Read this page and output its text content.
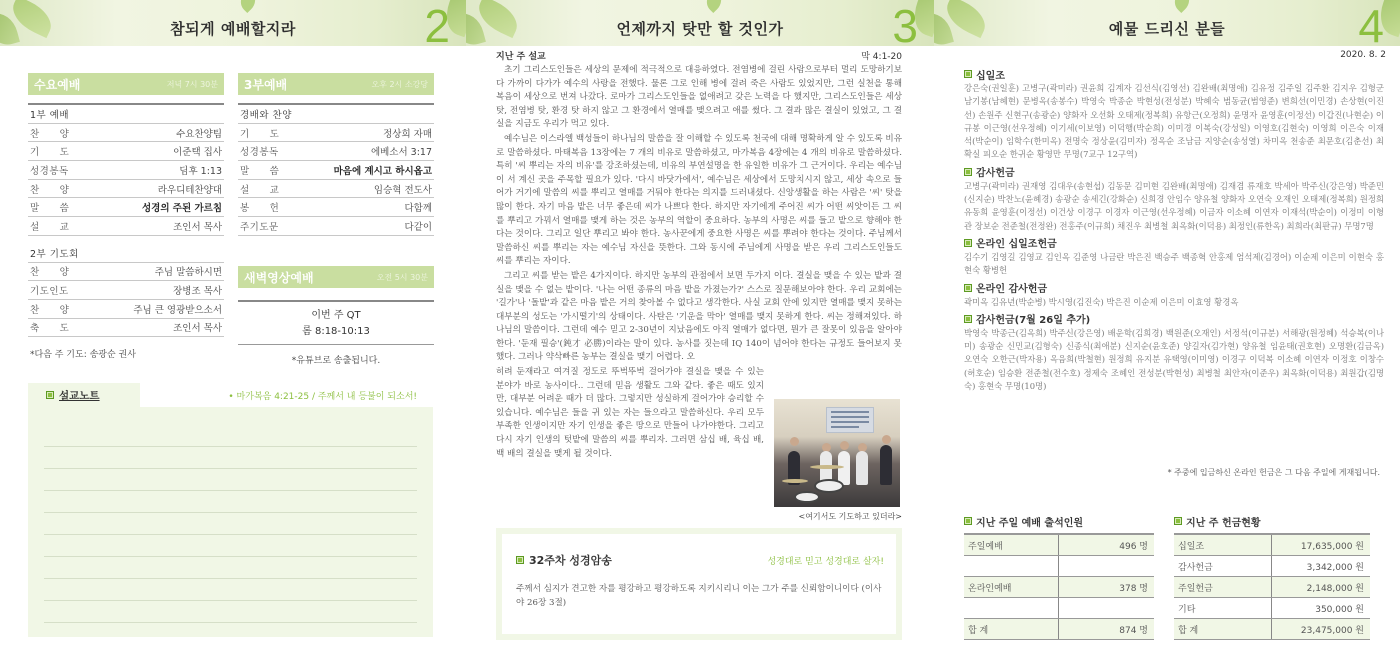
참되게 예배할지라	2
수요예배	저녁 7시 30분
1부 예배
찬　　양	수요찬양팀
기　　도	이준택 집사
성경봉독	딤후 1:13
찬　　양	라우디테찬양대
말　　씀	성경의 주된 가르침
설　　교	조인서 목사
2부 기도회
찬　　양	주님 말씀하시면
기도인도	장병조 목사
찬　　양	주님 큰 영광받으소서
축　　도	조인서 목사
*다음 주 기도: 송광순 권사
3부예배	오후 2시 소강당
경배와 찬양
기　　도	정상희 자매
성경봉독	에베소서 3:17
말　　씀	마음에 계시고 하시옵고
설　　교	임승혁 전도사
봉　　헌	다함께
주기도문	다같이
새벽영상예배	오전 5시 30분
이번 주 QT
롬 8:18-10:13
*유튜브로 송출됩니다.
설교노트	• 마가복음 4:21-25 / 주께서 내 등불이 되소서!
언제까지 탓만 할 것인가	3
지난 주 설교	막 4:1-20

초기 그리스도인들은 세상의 문제에 적극적으로 대응하였다. 전염병에 걸린 사람으로부터 멀리 도망하기보다 가까이 다가가 예수의 사랑을 전했다. 물론 그로 인해 병에 걸려 죽은 사람도 있었지만, 그런 실천을 통해 복음이 세상으로 번져 나갔다. 로마가 그리스도인들을 없애려고 갖은 노력을 다 했지만, 그리스도인들은 세상 탓, 전염병 탓, 환경 탓 하지 않고 그 환경에서 열매를 맺으려고 애를 썼다. 그 결과 많은 결실이 있었고, 그 결실을 지금도 우리가 먹고 있다.

예수님은 이스라엘 백성들이 하나님의 말씀을 잘 이해할 수 있도록 천국에 대해 명확하게 알 수 있도록 비유로 말씀하셨다. 마태복음 13장에는 7 개의 비유로 말씀하셨고, 마가복음 4장에는 4 개의 비유로 말씀하셨다. 특히 '씨 뿌리는 자의 비유'를 강조하셨는데, 비유의 부연설명을 한 유일한 비유가 그 근거이다. 우리는 예수님이 서 계신 곳을 주목할 필요가 있다. '다시 바닷가에서', 예수님은 세상에서 도망치시지 않고, 세상 속으로 들어가 거기에 말씀의 씨를 뿌리고 열매를 거둬야 한다는 의지를 드러내셨다. 신앙생활을 하는 사람은 '씨' 탓을 많이 한다. 자기 마음 밭은 너무 좋은데 씨가 나쁘다 한다. 하지만 자기에게 주어진 씨가 어떤 씨앗이든 그 씨를 뿌리고 가꿔서 열매를 맺게 하는 것은 농부의 역할이 중요하다. 농부의 사명은 씨를 들고 밭으로 향해야 한다는 것이다. 그리고 일단 뿌리고 봐야 한다. 농사꾼에게 중요한 사명은 씨를 뿌려야 한다는 것이다. 주님께서 말씀하신 씨를 뿌리는 자는 예수님 자신을 뜻한다. 그와 동시에 주님에게 사명을 받은 우리 그리스도인들도 씨를 뿌리는 자이다.

그리고 씨를 받는 밭은 4가지이다. 하지만 농부의 관점에서 보면 두가지 이다. 결실을 맺을 수 있는 밭과 결실을 맺을 수 없는 밭이다. '나는 어떤 종류의 마음 밭을 가졌는가?' 스스로 질문해보아야 한다. 우리 교회에는 '길가'나 '돌밭'과 같은 마음 밭은 거의 찾아볼 수 없다고 생각한다. 사실 교회 안에 있지만 열매를 맺지 못하는 대부분의 성도는 '가시떨기'의 상태이다. 사탄은 '기운을 막아' 열매를 맺지 못하게 한다. 씨는 정해져있다. 하나님의 말씀이다. 그런데 예수 믿고 2-30년이 지났음에도 아직 열매가 없다면, 뭔가 큰 잘못이 있음을 알아야 한다. '둔재 필승'(鈍才 必勝)이라는 말이 있다. 농사를 짓는데 IQ 140이 넘어야 한다는 규정도 들어보지 못했다. 그러나 약삭빠른 농부는 결실을 맺기 어렵다. 오

히려 둔재라고 여겨질 정도로 뚜벅뚜벅 걸어가야 결실을 맺을 수 있는 분야가 바로 농사이다.. 그런데 믿음 생활도 그와 같다. 좋은 때도 있지만, 대부분 어려운 때가 더 많다. 그렇지만 성실하게 걸어가야 승리할 수 있습니다. 예수님은 들을 귀 있는 자는 들으라고 말씀하신다. 우리 모두 부족한 인생이지만 자기 인생을 좋은 땅으로 만들어 나가야한다. 그리고 다시 자기 인생의 텃밭에 말씀의 씨를 뿌리자. 그러면 삼십 배, 육십 배, 백 배의 결실을 맺게 될 것이다.

<여기서도 기도하고 있더라>
32주차 성경암송	성경대로 믿고 성경대로 살자!
주께서 심지가 견고한 자를 평강하고 평강하도록 지키시리니 이는 그가 주를 신뢰함이니이다 (이사야 26장 3절)
예물 드리신 분들	4
2020. 8. 2
십일조
강은숙(권일훈) 고병구(곽미라) 권윤희 김계자 김선식(김영선) 김완배(최명애) 김유정 김주일 김주환 김지우 김형군 남기봉(남혜현) 문병옥(송봉수) 박영숙 박종순 박현성(전성분) 박혜숙 범동균(범영준) 변희선(이민경) 손상현(이진선) 손원주 신현구(송광순) 양화자 오선화 오태제(정복희) 유항근(오정희) 윤명자 윤영훈(이정선) 이갑진(나현순) 이규봉 이근영(선우정혜) 이기세(이보영) 이덕행(박순희) 이미경 이복숙(강성일) 이영호(김현숙) 이영희 이은숙 이재석(박순이) 임학수(한미옥) 전명숙 정상윤(김미자) 정옥순 조남금 지양순(송성열) 차미옥 천송준 최문호(김춘선) 최확실 피오순 한귀순 황영만 무명(7교구 12구역)
감사헌금
고병구(곽미라) 권재영 김대우(송현섭) 김동문 김미현 김완배(최명애) 김재겸 류재호 박세아 박주신(강은영) 박준민(신지순) 박찬노(윤혜경) 송광순 송세긴(강화순) 신희경 안임수 양유철 양화자 오연숙 오재인 오태제(정복희) 원정희 유동희 윤영훈(이정선) 이건상 이경구 이경자 이근영(선우정혜) 이금자 이소혜 이연자 이재석(박순이) 이정미 이형관 장보순 전준철(전정완) 전홍주(이규희) 채진우 최병철 최옥화(이덕용) 최정인(류한옥) 최희라(최판규) 무명7명
온라인 십일조헌금
김수기 김영길 김영교 김인옥 김준영 나금란 박은진 백승주 백종혁 안홍제 엄석제(김경어) 이순제 이은미 이현숙 홍현숙 황병헌
온라인 감사헌금
곽미옥 김유년(박순병) 박시영(김진숙) 박은진 이순제 이은미 이효영 황경옥
감사헌금(7월 26일 추가)
박영숙 박종근(김옥희) 박주신(강은영) 배운학(김희경) 백원준(오재인) 서정석(이규분) 서해광(원정혜) 석승복(이나미) 송광순 신민교(김형숙) 신종식(최애분) 신지순(윤호준) 양길자(김가현) 양유철 임윤태(권호현) 오명환(김금옥) 오연숙 오한근(박자용) 옥음희(박철현) 원정희 유지분 유택영(이미영) 이경구 이덕복 이소혜 이연자 이정호 이창수(허호순) 임승환 전준철(전수호) 정제숙 조혜인 전성분(박현성) 최병철 최안자(이준우) 최옥화(이덕용) 최원갑(김명숙) 홍현숙 무명(10명)
* 주중에 입금하신 온라인 헌금은 그 다음 주일에 게재됩니다.
지난 주일 예배 출석인원
주일예배	496 명
온라인예배	378 명
합 계	874 명
지난 주 헌금현황
십일조	17,635,000 원
감사헌금	3,342,000 원
주일헌금	2,148,000 원
기타	350,000 원
합 계	23,475,000 원
